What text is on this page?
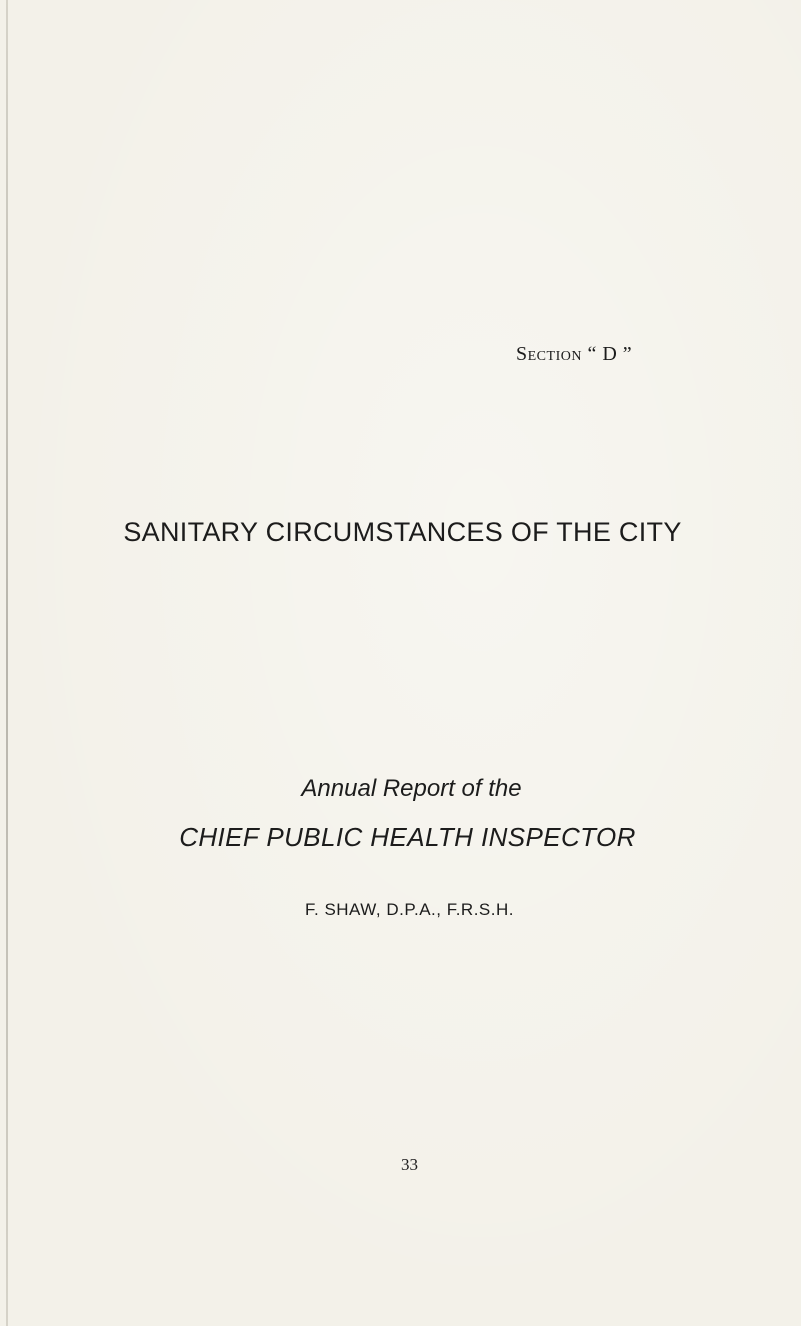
Section “ D ”
SANITARY CIRCUMSTANCES OF THE CITY
Annual Report of the
CHIEF PUBLIC HEALTH INSPECTOR
F. SHAW, D.P.A., F.R.S.H.
33
